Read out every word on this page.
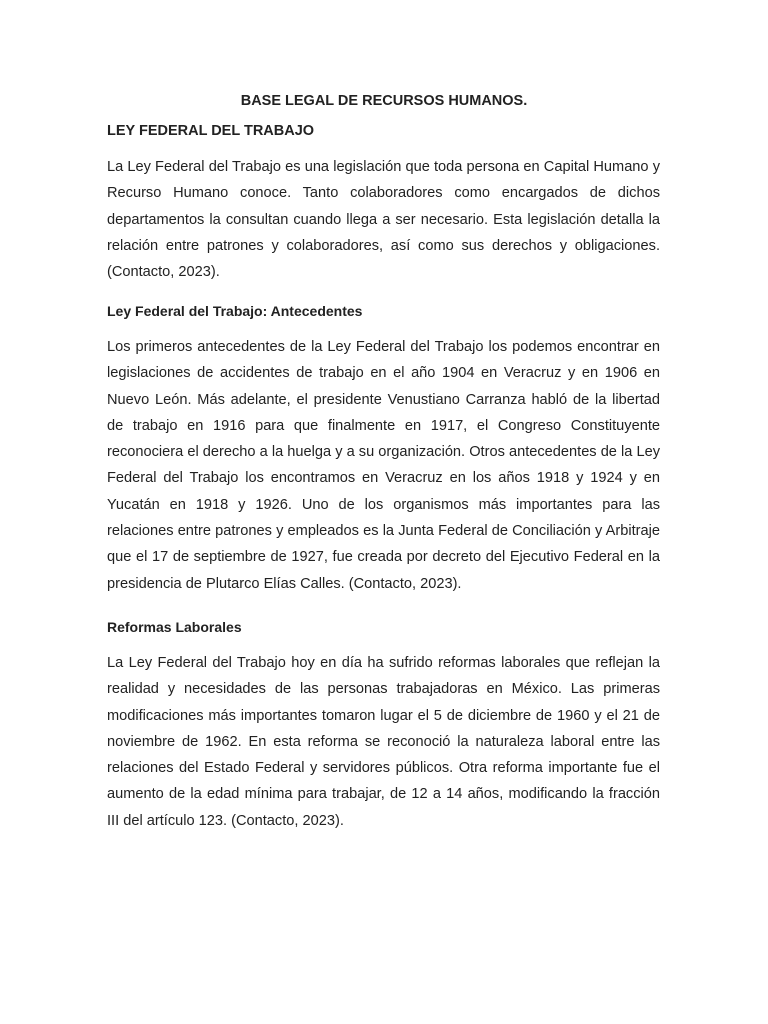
BASE LEGAL DE RECURSOS HUMANOS.
LEY FEDERAL DEL TRABAJO

La Ley Federal del Trabajo es una legislación que toda persona en Capital Humano y Recurso Humano conoce. Tanto colaboradores como encargados de dichos departamentos la consultan cuando llega a ser necesario. Esta legislación detalla la relación entre patrones y colaboradores, así como sus derechos y obligaciones. (Contacto, 2023).

Ley Federal del Trabajo: Antecedentes

Los primeros antecedentes de la Ley Federal del Trabajo los podemos encontrar en legislaciones de accidentes de trabajo en el año 1904 en Veracruz y en 1906 en Nuevo León. Más adelante, el presidente Venustiano Carranza habló de la libertad de trabajo en 1916 para que finalmente en 1917, el Congreso Constituyente reconociera el derecho a la huelga y a su organización. Otros antecedentes de la Ley Federal del Trabajo los encontramos en Veracruz en los años 1918 y 1924 y en Yucatán en 1918 y 1926. Uno de los organismos más importantes para las relaciones entre patrones y empleados es la Junta Federal de Conciliación y Arbitraje que el 17 de septiembre de 1927, fue creada por decreto del Ejecutivo Federal en la presidencia de Plutarco Elías Calles. (Contacto, 2023).

Reformas Laborales

La Ley Federal del Trabajo hoy en día ha sufrido reformas laborales que reflejan la realidad y necesidades de las personas trabajadoras en México. Las primeras modificaciones más importantes tomaron lugar el 5 de diciembre de 1960 y el 21 de noviembre de 1962. En esta reforma se reconoció la naturaleza laboral entre las relaciones del Estado Federal y servidores públicos. Otra reforma importante fue el aumento de la edad mínima para trabajar, de 12 a 14 años, modificando la fracción III del artículo 123. (Contacto, 2023).
